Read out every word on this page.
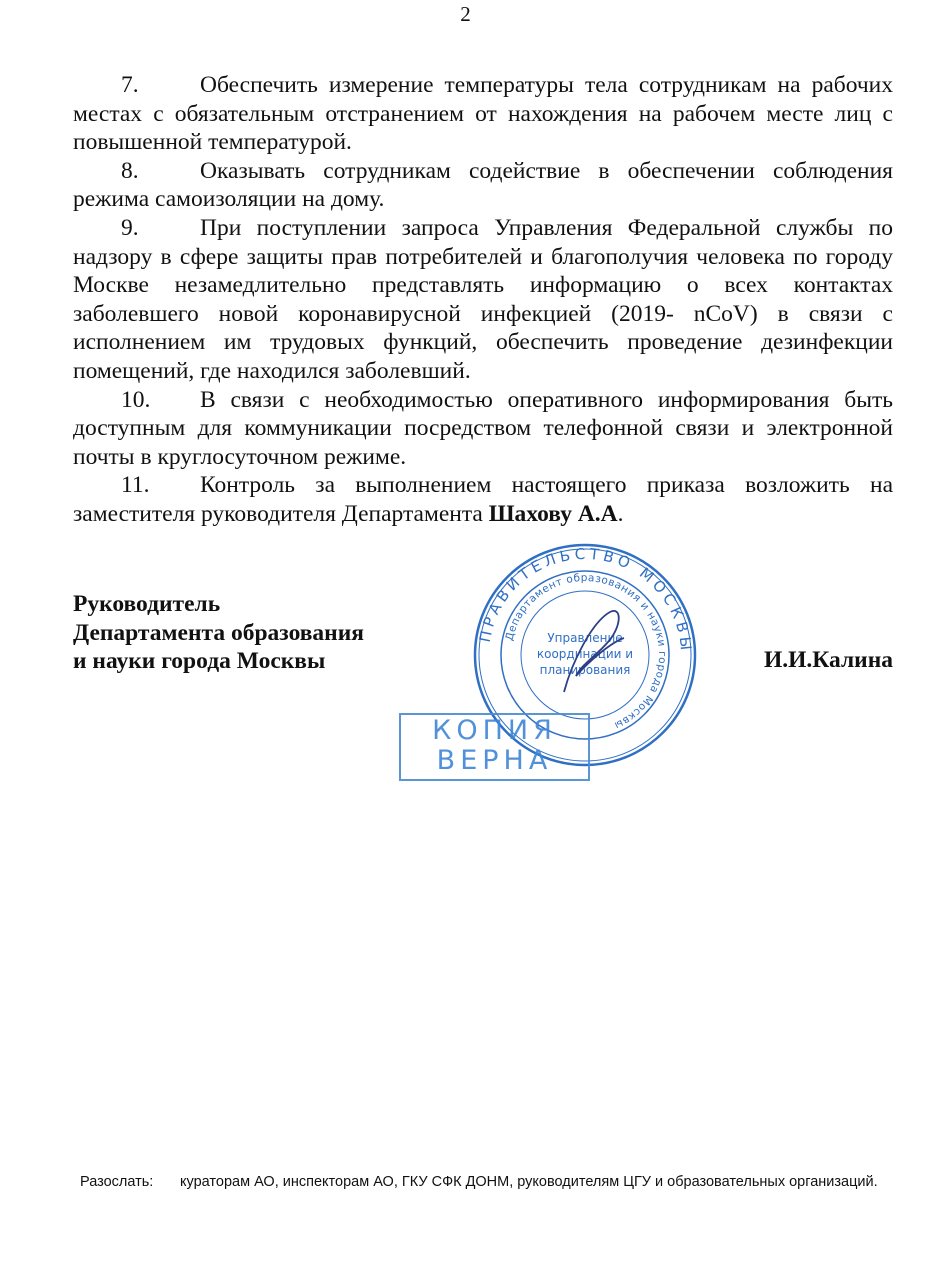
2

7.	Обеспечить измерение температуры тела сотрудникам на рабочих местах с обязательным отстранением от нахождения на рабочем месте лиц с повышенной температурой.

8.	Оказывать сотрудникам содействие в обеспечении соблюдения режима самоизоляции на дому.

9.	При поступлении запроса Управления Федеральной службы по надзору в сфере защиты прав потребителей и благополучия человека по городу Москве незамедлительно представлять информацию о всех контактах заболевшего новой коронавирусной инфекцией (2019- nCoV) в связи с исполнением им трудовых функций, обеспечить проведение дезинфекции помещений, где находился заболевший.

10. В связи с необходимостью оперативного информирования быть доступным для коммуникации посредством телефонной связи и электронной почты в круглосуточном режиме.

11. Контроль за выполнением настоящего приказа возложить на заместителя руководителя Департамента Шахову А.А.

Руководитель
Департамента образования
и науки города Москвы
ПРАВИТЕЛЬСТВО МОСКВЫ
Департамент образования и науки города Москвы
Управление
координации и
планирования
КОПИЯ
ВЕРНА
И.И.Калина
Разослать:	кураторам АО, инспекторам АО, ГКУ СФК ДОНМ, руководителям ЦГУ и образовательных организаций.
